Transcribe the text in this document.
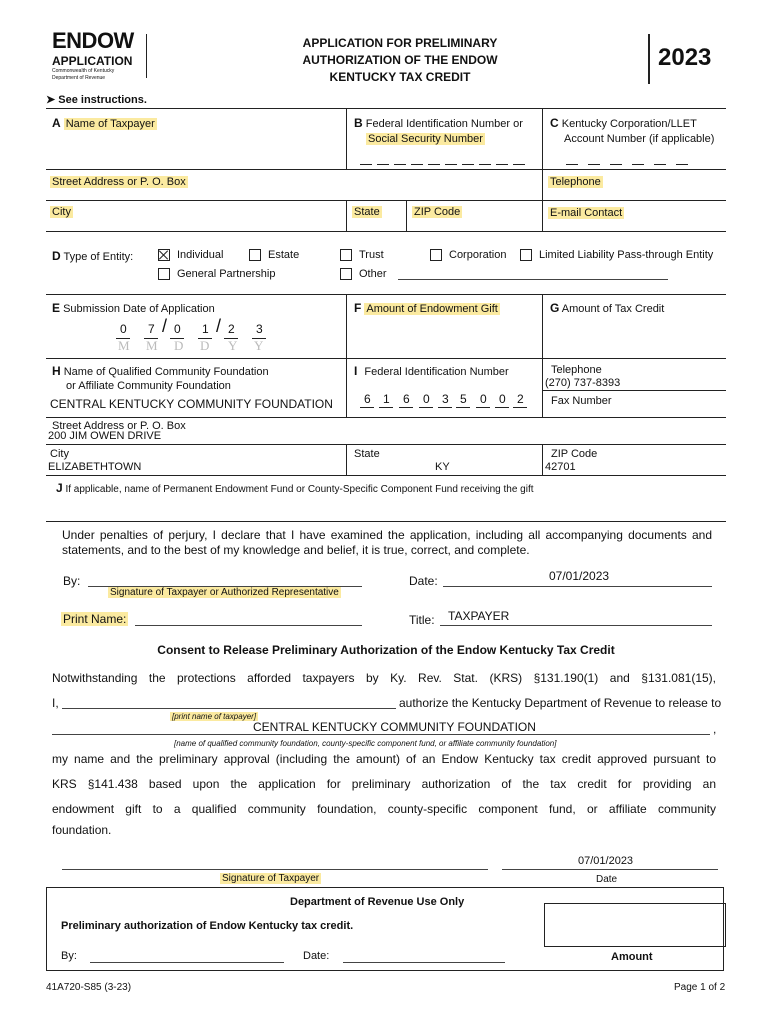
ENDOW
APPLICATION
Commonwealth of Kentucky
Department of Revenue
APPLICATION FOR PRELIMINARY
AUTHORIZATION OF THE ENDOW
KENTUCKY TAX CREDIT
2023
➤ See instructions.
A Name of Taxpayer	B Federal Identification Number or
Social Security Number
C Kentucky Corporation/LLET
Account Number (if applicable)
Street Address or P. O. Box	Telephone
City	State	ZIP Code	E-mail Contact
D Type of Entity:	Individual	Estate	Trust	Corporation	Limited Liability Pass-through Entity
General Partnership	Other
E Submission Date of Application
0 7 / 0 1 / 2 3
M M D D Y Y
F Amount of Endowment Gift	G Amount of Tax Credit
H Name of Qualified Community Foundation
or Affiliate Community Foundation
CENTRAL KENTUCKY COMMUNITY FOUNDATION
I Federal Identification Number
6 1 6 0 3 5 0 0 2
Telephone
(270) 737-8393
Fax Number
Street Address or P. O. Box
200 JIM OWEN DRIVE
City
ELIZABETHTOWN
State
KY
ZIP Code
42701
J If applicable, name of Permanent Endowment Fund or County-Specific Component Fund receiving the gift
Under penalties of perjury, I declare that I have examined the application, including all accompanying documents and
statements, and to the best of my knowledge and belief, it is true, correct, and complete.
By:
Signature of Taxpayer or Authorized Representative
Date:	07/01/2023
Print Name:	Title: TAXPAYER
Consent to Release Preliminary Authorization of the Endow Kentucky Tax Credit
Notwithstanding the protections afforded taxpayers by Ky. Rev. Stat. (KRS) §131.190(1) and §131.081(15),
I,	authorize the Kentucky Department of Revenue to release to
[print name of taxpayer]
CENTRAL KENTUCKY COMMUNITY FOUNDATION	,
[name of qualified community foundation, county-specific component fund, or affiliate community foundation]
my name and the preliminary approval (including the amount) of an Endow Kentucky tax credit approved pursuant to
KRS §141.438 based upon the application for preliminary authorization of the tax credit for providing an
endowment gift to a qualified community foundation, county-specific component fund, or affiliate community
foundation.
Signature of Taxpayer
07/01/2023
Date
Department of Revenue Use Only
Preliminary authorization of Endow Kentucky tax credit.
By:	Date:	Amount
41A720-S85 (3-23)	Page 1 of 2
